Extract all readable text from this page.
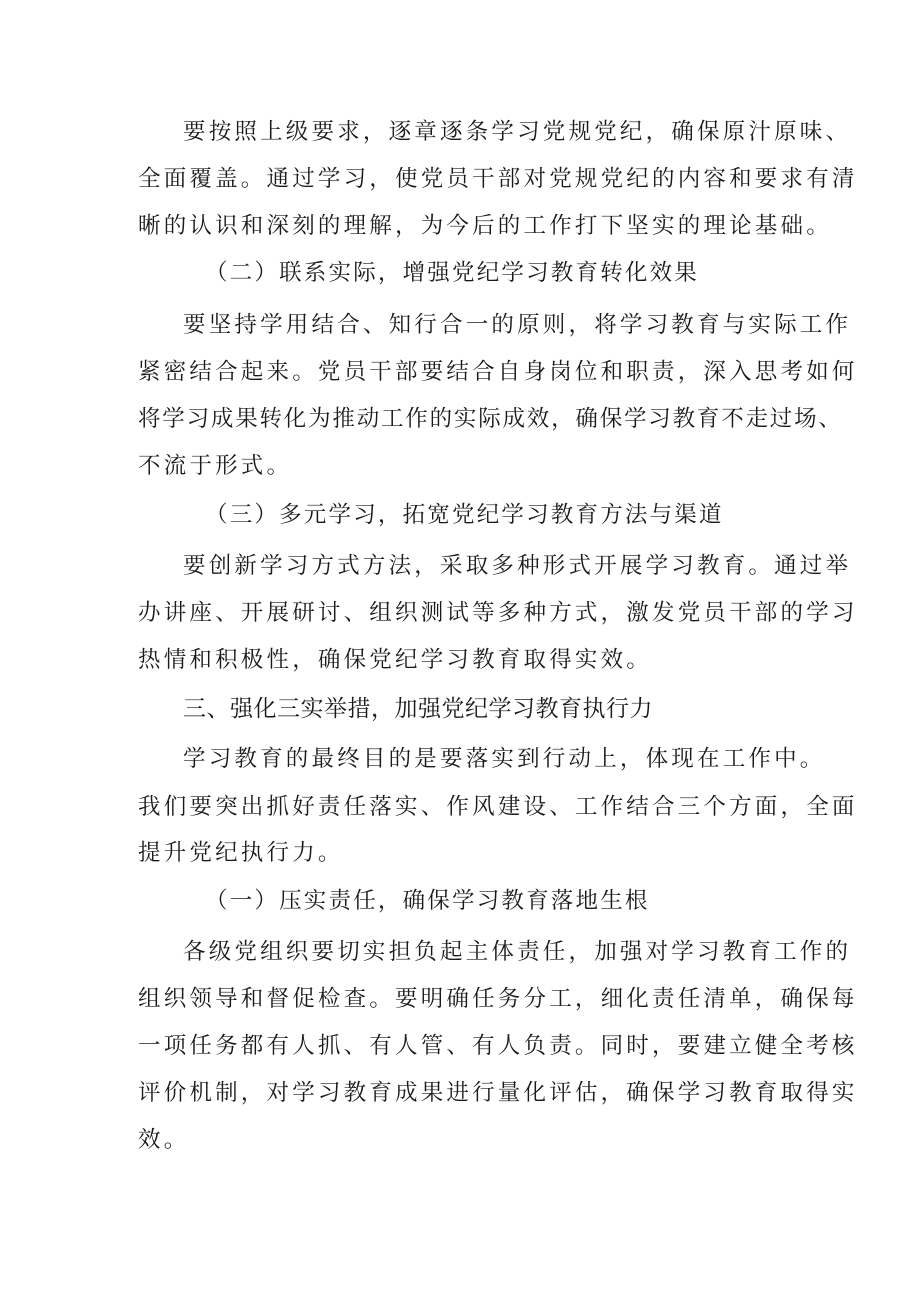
要按照上级要求，逐章逐条学习党规党纪，确保原汁原味、
全面覆盖。通过学习，使党员干部对党规党纪的内容和要求有清
晰的认识和深刻的理解，为今后的工作打下坚实的理论基础。
（二）联系实际，增强党纪学习教育转化效果
要坚持学用结合、知行合一的原则，将学习教育与实际工作
紧密结合起来。党员干部要结合自身岗位和职责，深入思考如何
将学习成果转化为推动工作的实际成效，确保学习教育不走过场、
不流于形式。
（三）多元学习，拓宽党纪学习教育方法与渠道
要创新学习方式方法，采取多种形式开展学习教育。通过举
办讲座、开展研讨、组织测试等多种方式，激发党员干部的学习
热情和积极性，确保党纪学习教育取得实效。
三、强化三实举措，加强党纪学习教育执行力
学习教育的最终目的是要落实到行动上，体现在工作中。
我们要突出抓好责任落实、作风建设、工作结合三个方面，全面
提升党纪执行力。
（一）压实责任，确保学习教育落地生根
各级党组织要切实担负起主体责任，加强对学习教育工作的
组织领导和督促检查。要明确任务分工，细化责任清单，确保每
一项任务都有人抓、有人管、有人负责。同时，要建立健全考核
评价机制，对学习教育成果进行量化评估，确保学习教育取得实
效。
